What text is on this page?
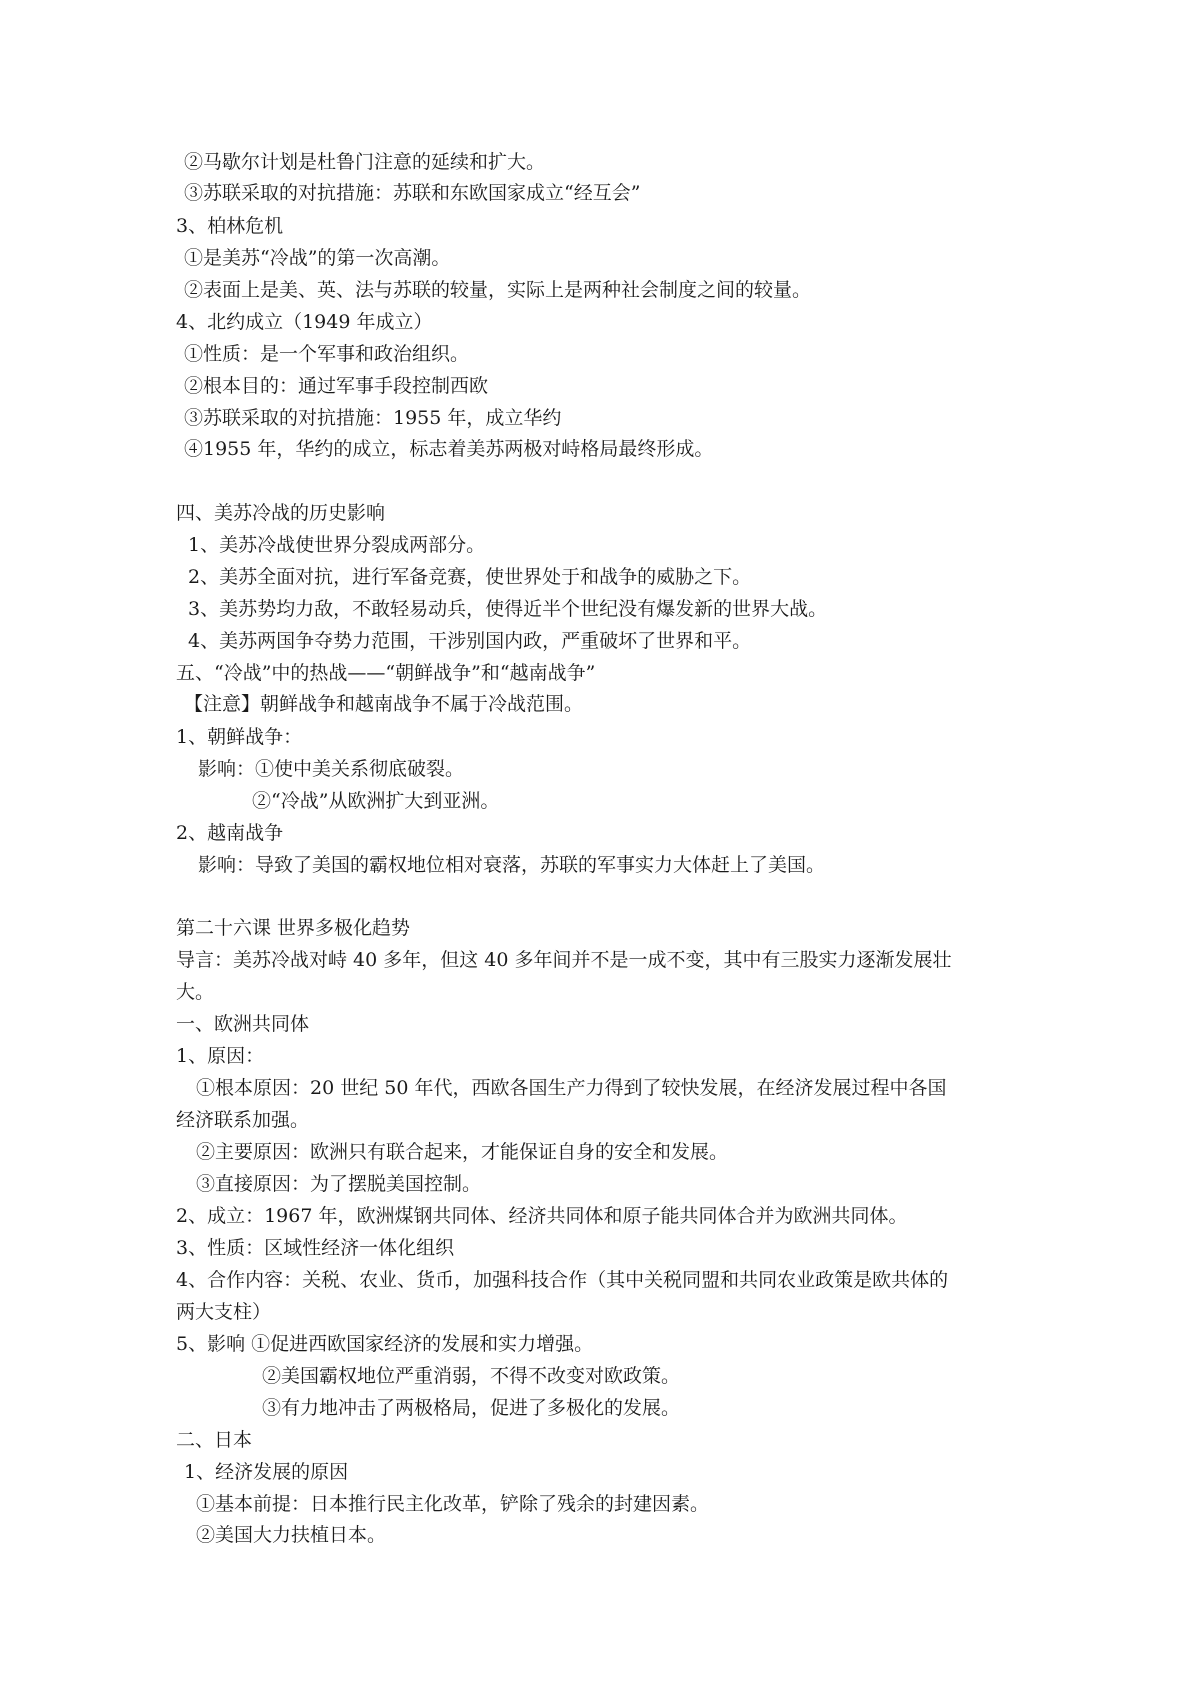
②马歇尔计划是杜鲁门注意的延续和扩大。
③苏联采取的对抗措施：苏联和东欧国家成立“经互会”
3、柏林危机
①是美苏“冷战”的第一次高潮。
②表面上是美、英、法与苏联的较量，实际上是两种社会制度之间的较量。
4、北约成立（1949 年成立）
①性质：是一个军事和政治组织。
②根本目的：通过军事手段控制西欧
③苏联采取的对抗措施：1955 年，成立华约
④1955 年，华约的成立，标志着美苏两极对峙格局最终形成。
四、美苏冷战的历史影响
1、美苏冷战使世界分裂成两部分。
2、美苏全面对抗，进行军备竞赛，使世界处于和战争的威胁之下。
3、美苏势均力敌，不敢轻易动兵，使得近半个世纪没有爆发新的世界大战。
4、美苏两国争夺势力范围，干涉别国内政，严重破坏了世界和平。
五、“冷战”中的热战——“朝鲜战争”和“越南战争”
【注意】朝鲜战争和越南战争不属于冷战范围。
1、朝鲜战争：
影响：①使中美关系彻底破裂。
②“冷战”从欧洲扩大到亚洲。
2、越南战争
影响：导致了美国的霸权地位相对衰落，苏联的军事实力大体赶上了美国。
第二十六课 世界多极化趋势
导言：美苏冷战对峙 40 多年，但这 40 多年间并不是一成不变，其中有三股实力逐渐发展壮
大。
一、欧洲共同体
1、原因：
①根本原因：20 世纪 50 年代，西欧各国生产力得到了较快发展，在经济发展过程中各国
经济联系加强。
②主要原因：欧洲只有联合起来，才能保证自身的安全和发展。
③直接原因：为了摆脱美国控制。
2、成立：1967 年，欧洲煤钢共同体、经济共同体和原子能共同体合并为欧洲共同体。
3、性质：区域性经济一体化组织
4、合作内容：关税、农业、货币，加强科技合作（其中关税同盟和共同农业政策是欧共体的
两大支柱）
5、影响 ①促进西欧国家经济的发展和实力增强。
②美国霸权地位严重消弱，不得不改变对欧政策。
③有力地冲击了两极格局，促进了多极化的发展。
二、日本
1、经济发展的原因
①基本前提：日本推行民主化改革，铲除了残余的封建因素。
②美国大力扶植日本。
